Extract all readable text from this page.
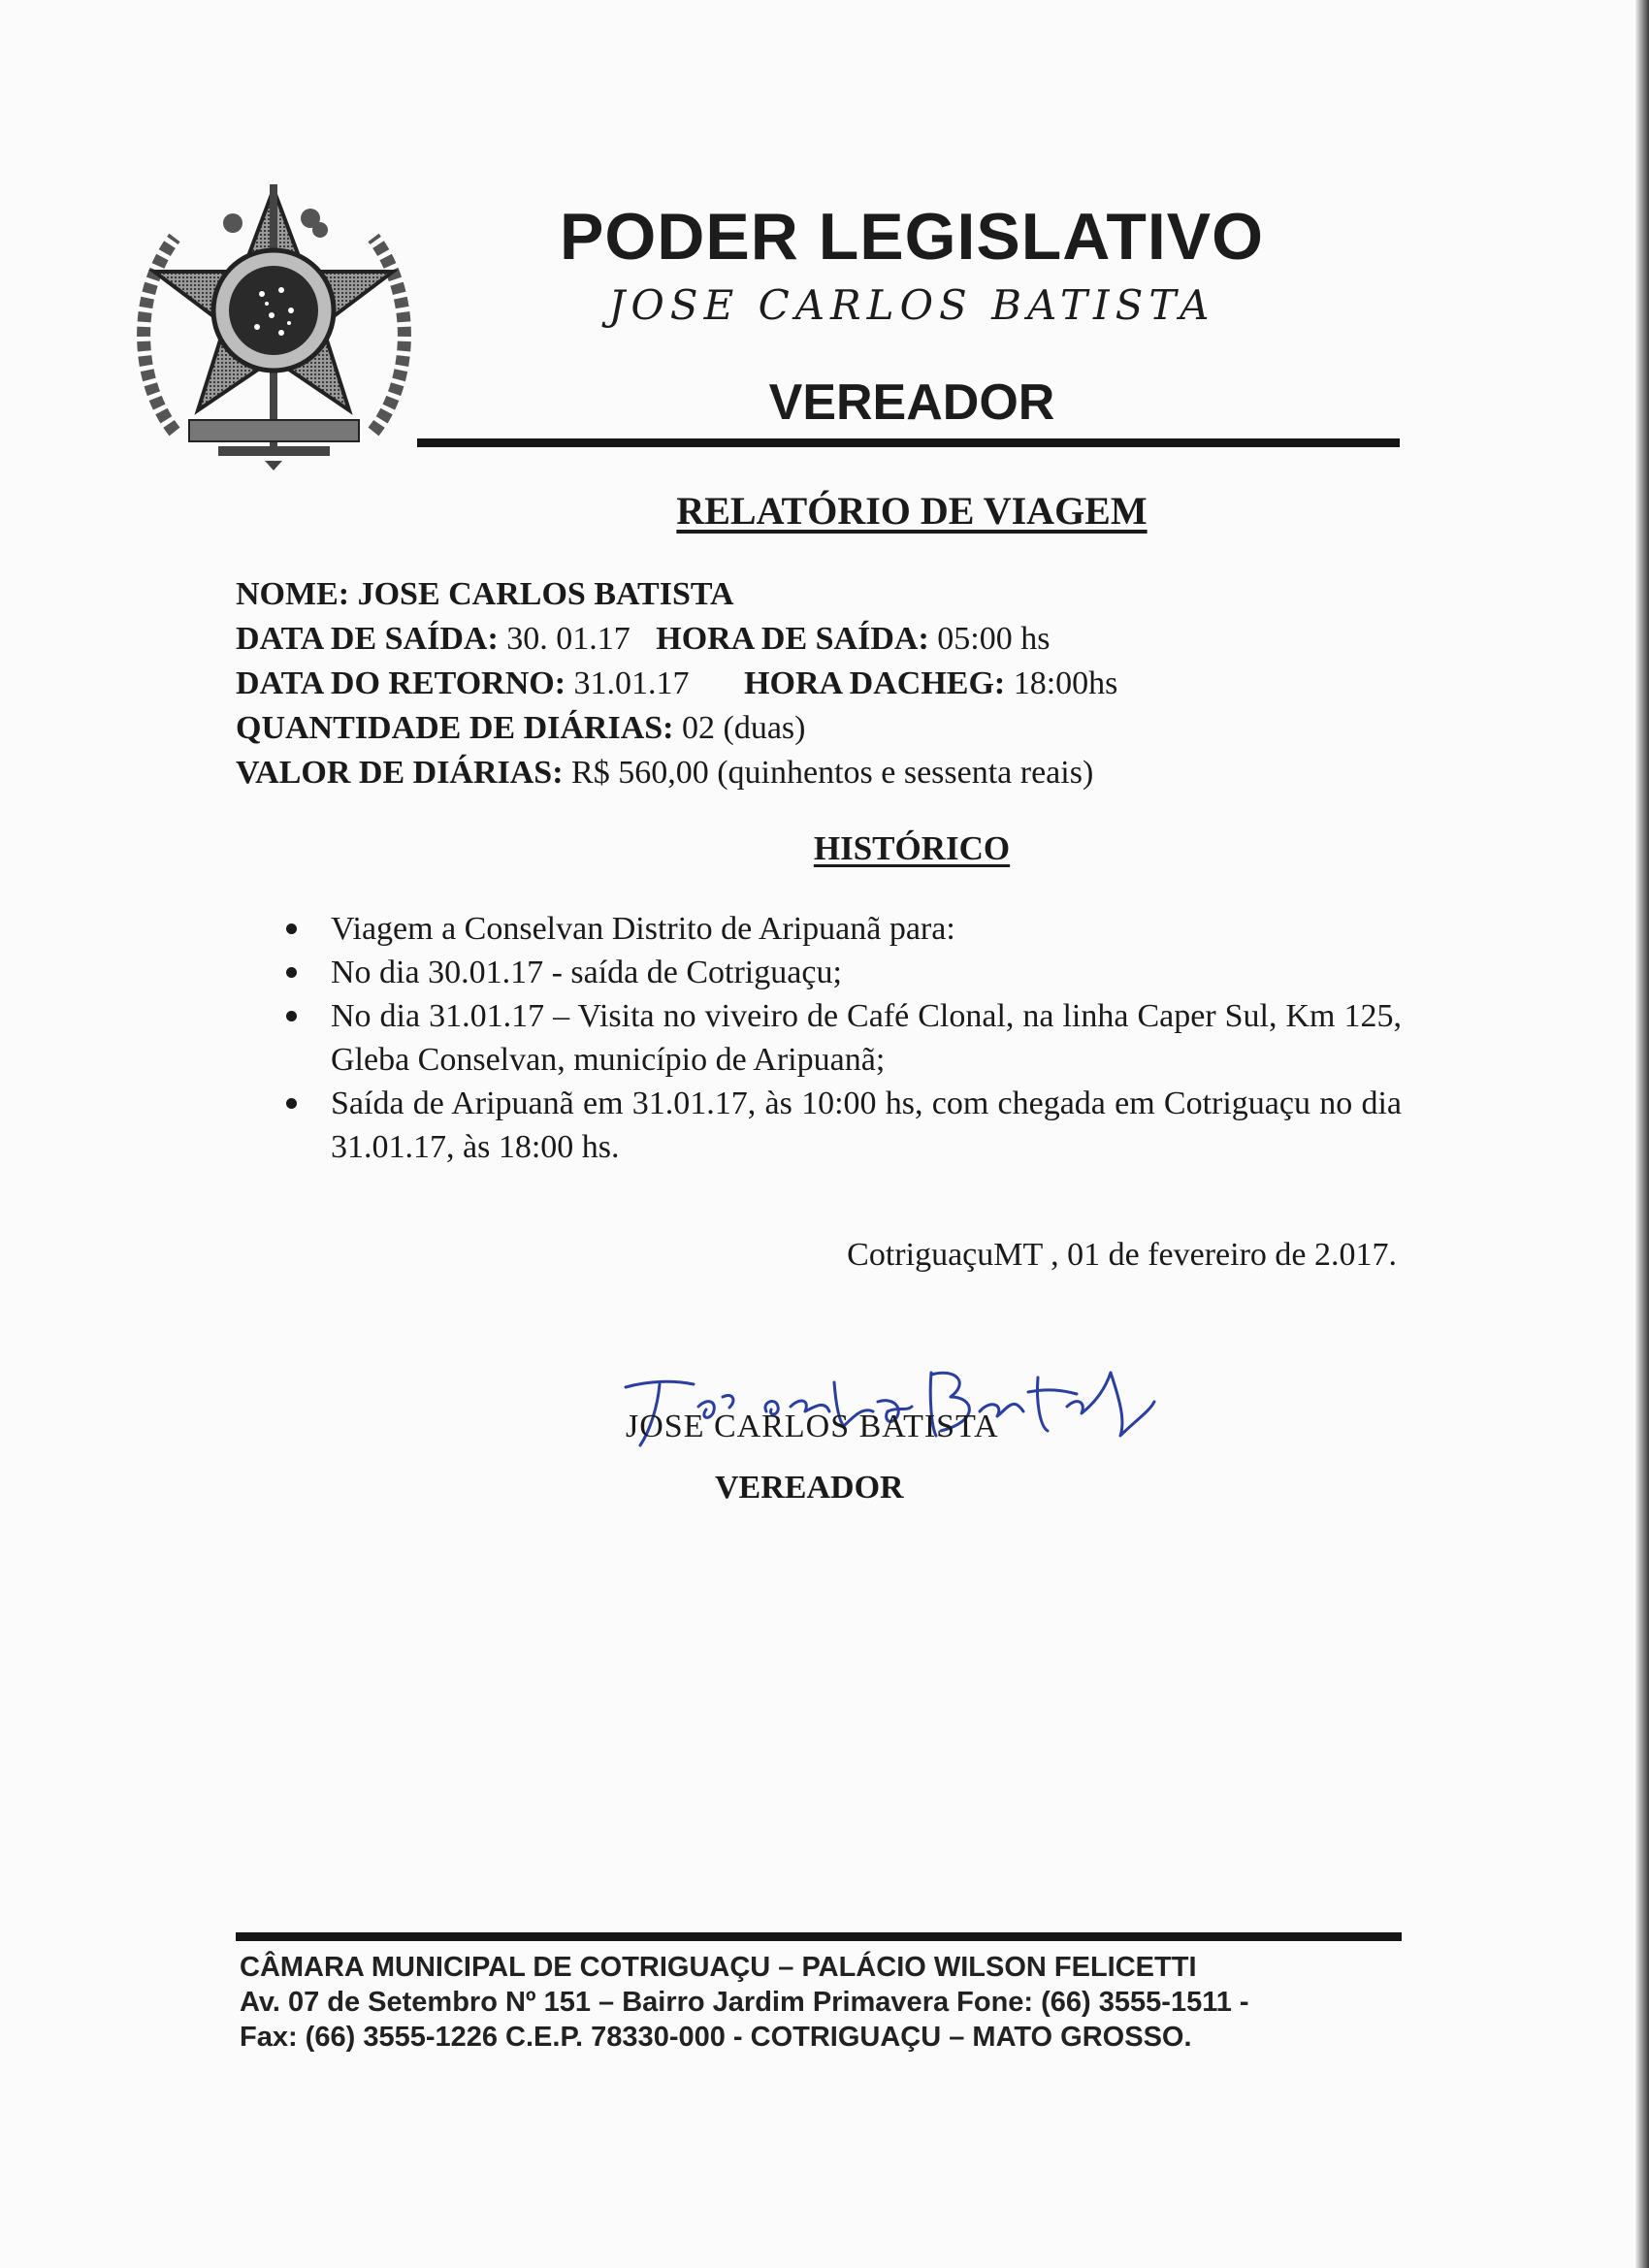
PODER LEGISLATIVO
JOSE CARLOS BATISTA
VEREADOR
RELATÓRIO DE VIAGEM
NOME: JOSE CARLOS BATISTA
DATA DE SAÍDA: 30. 01.17 HORA DE SAÍDA: 05:00 hs
DATA DO RETORNO: 31.01.17 HORA DACHEG: 18:00hs
QUANTIDADE DE DIÁRIAS: 02 (duas)
VALOR DE DIÁRIAS: R$ 560,00 (quinhentos e sessenta reais)
HISTÓRICO
Viagem a Conselvan Distrito de Aripuanã para:
No dia 30.01.17 - saída de Cotriguaçu;
No dia 31.01.17 – Visita no viveiro de Café Clonal, na linha Caper Sul, Km 125, Gleba Conselvan, município de Aripuanã;
Saída de Aripuanã em 31.01.17, às 10:00 hs, com chegada em Cotriguaçu no dia 31.01.17, às 18:00 hs.
CotriguaçuMT , 01 de fevereiro de 2.017.
JOSE CARLOS BATISTA
VEREADOR
CÂMARA MUNICIPAL DE COTRIGUAÇU – PALÁCIO WILSON FELICETTI
Av. 07 de Setembro Nº 151 – Bairro Jardim Primavera Fone: (66) 3555-1511 -
Fax: (66) 3555-1226 C.E.P. 78330-000 - COTRIGUAÇU – MATO GROSSO.
